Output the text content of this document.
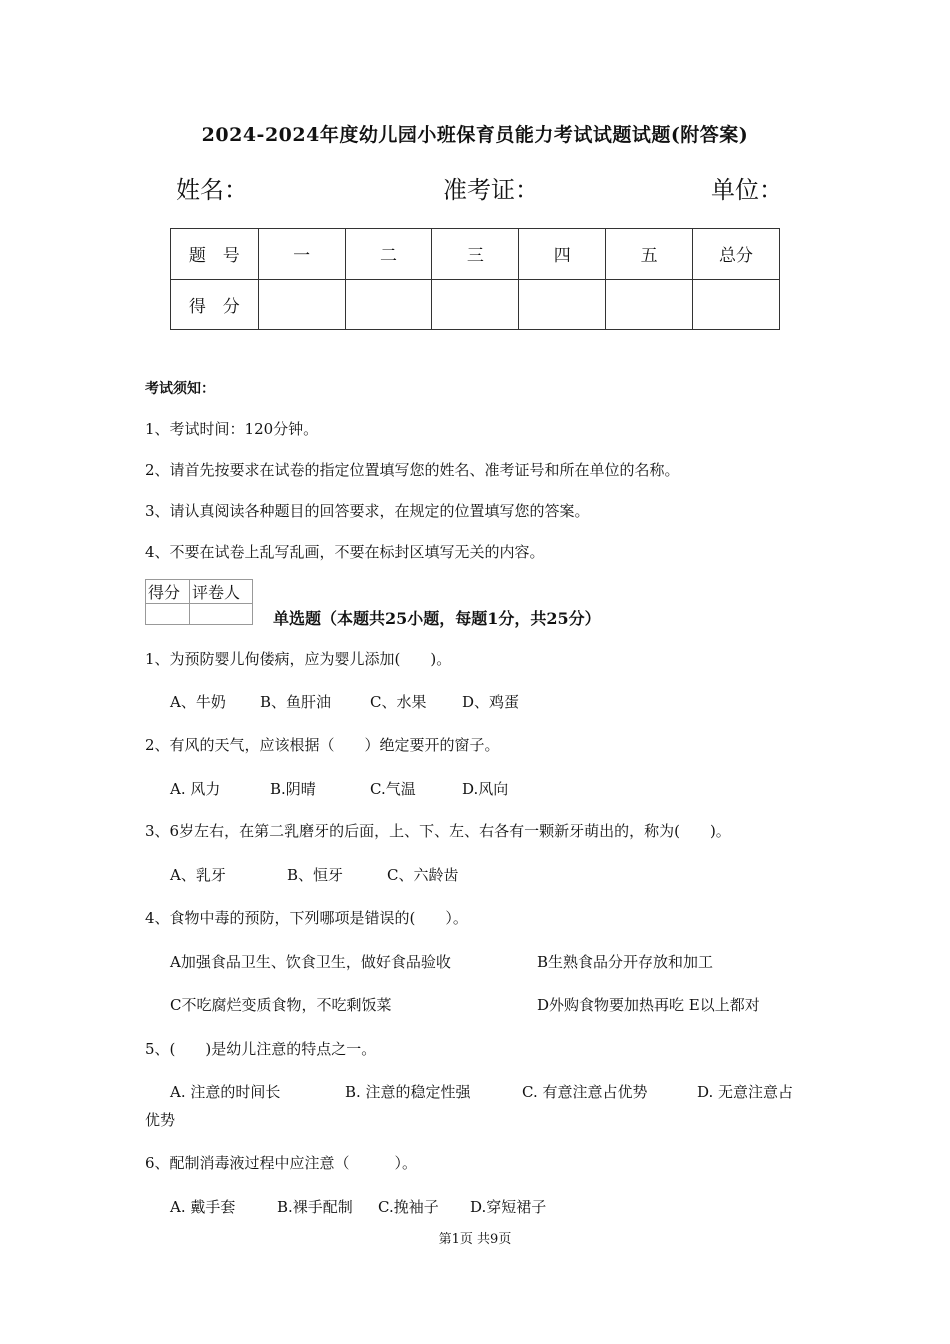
2024-2024年度幼儿园小班保育员能力考试试题试题(附答案)
姓名：	准考证：	单位：
题　号	一	二	三	四	五	总分
得　分						
考试须知：
1、考试时间：120分钟。
2、请首先按要求在试卷的指定位置填写您的姓名、准考证号和所在单位的名称。
3、请认真阅读各种题目的回答要求，在规定的位置填写您的答案。
4、不要在试卷上乱写乱画，不要在标封区填写无关的内容。
得分	评卷人

单选题（本题共25小题，每题1分，共25分）
1、为预防婴儿佝偻病，应为婴儿添加(　　)。
A、牛奶 B、鱼肝油	C、水果 D、鸡蛋
2、有风的天气，应该根据（　　）绝定要开的窗子。
A. 风力	B.阴晴	C.气温	D.风向
3、6岁左右，在第二乳磨牙的后面，上、下、左、右各有一颗新牙萌出的，称为(　　)。
A、乳牙	B、恒牙	C、六龄齿
4、食物中毒的预防，下列哪项是错误的(　　）。
A加强食品卫生、饮食卫生，做好食品验收	B生熟食品分开存放和加工
C不吃腐烂变质食物，不吃剩饭菜	D外购食物要加热再吃 E以上都对
5、(　　)是幼儿注意的特点之一。
A. 注意的时间长	B. 注意的稳定性强	C. 有意注意占优势	D. 无意注意占
优势
6、配制消毒液过程中应注意（　　　）。
A. 戴手套	B.裸手配制 C.挽袖子 D.穿短裙子
第1页 共9页
